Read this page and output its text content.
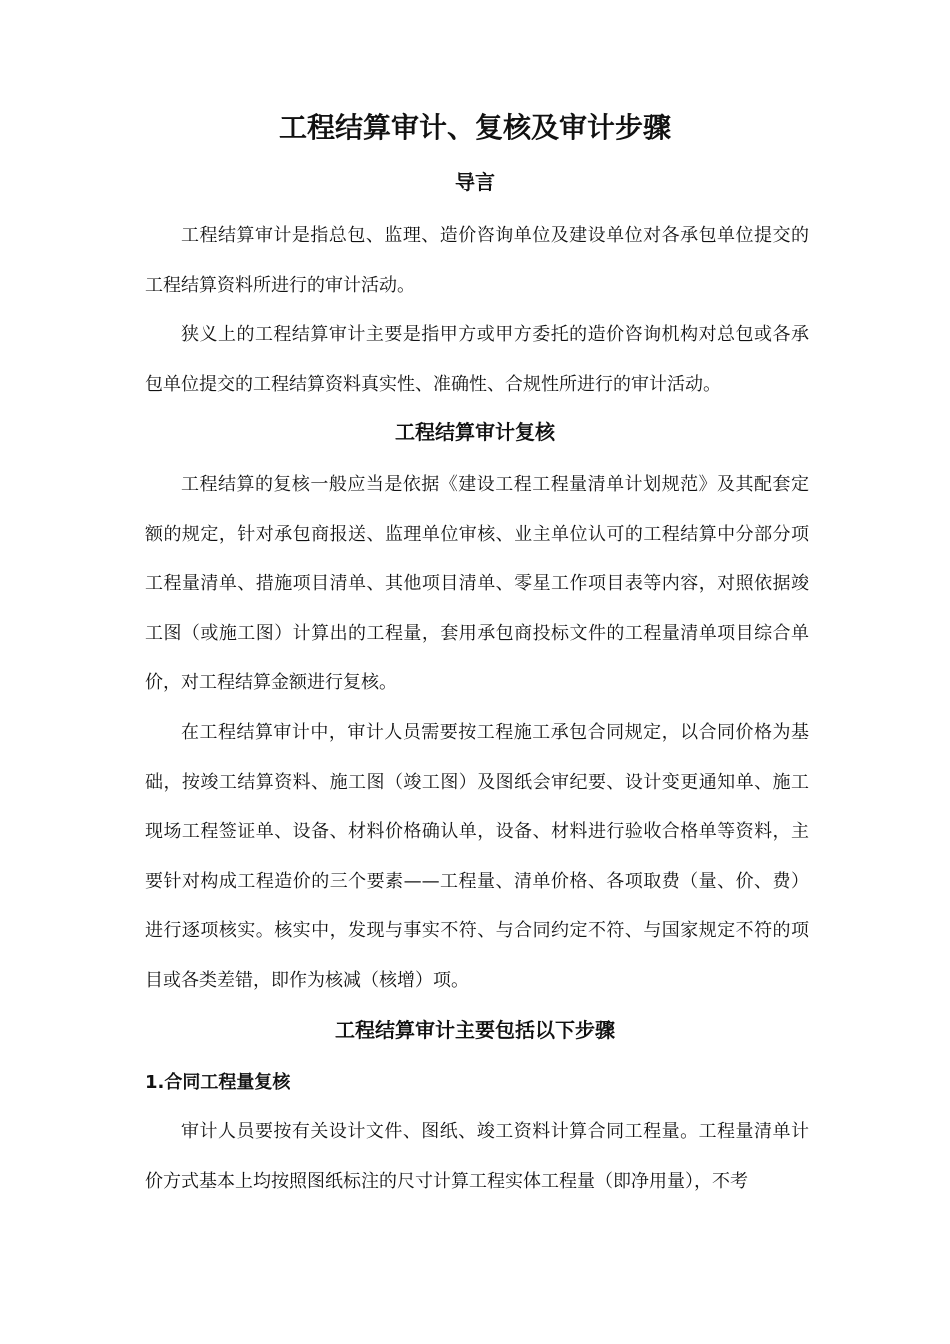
工程结算审计、复核及审计步骤
导言

工程结算审计是指总包、监理、造价咨询单位及建设单位对各承包单位提交的工程结算资料所进行的审计活动。

狭义上的工程结算审计主要是指甲方或甲方委托的造价咨询机构对总包或各承包单位提交的工程结算资料真实性、准确性、合规性所进行的审计活动。

工程结算审计复核

工程结算的复核一般应当是依据《建设工程工程量清单计划规范》及其配套定额的规定，针对承包商报送、监理单位审核、业主单位认可的工程结算中分部分项工程量清单、措施项目清单、其他项目清单、零星工作项目表等内容，对照依据竣工图（或施工图）计算出的工程量，套用承包商投标文件的工程量清单项目综合单价，对工程结算金额进行复核。

在工程结算审计中，审计人员需要按工程施工承包合同规定，以合同价格为基础，按竣工结算资料、施工图（竣工图）及图纸会审纪要、设计变更通知单、施工现场工程签证单、设备、材料价格确认单，设备、材料进行验收合格单等资料，主要针对构成工程造价的三个要素——工程量、清单价格、各项取费（量、价、费）进行逐项核实。核实中，发现与事实不符、与合同约定不符、与国家规定不符的项目或各类差错，即作为核减（核增）项。

工程结算审计主要包括以下步骤
1.合同工程量复核

审计人员要按有关设计文件、图纸、竣工资料计算合同工程量。工程量清单计价方式基本上均按照图纸标注的尺寸计算工程实体工程量（即净用量），不考
